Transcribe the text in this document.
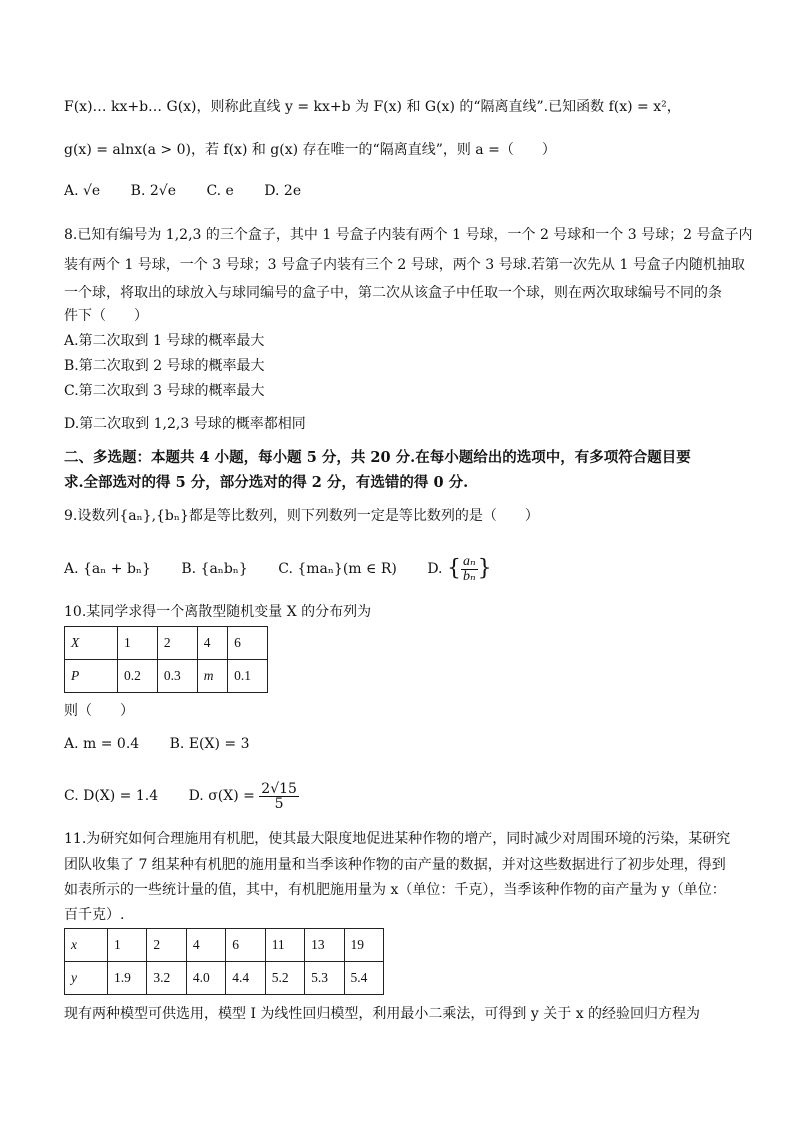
F(x)… kx+b… G(x)，则称此直线 y = kx+b 为 F(x) 和 G(x) 的“隔离直线”.已知函数 f(x) = x²，
g(x) = alnx(a > 0)，若 f(x) 和 g(x) 存在唯一的“隔离直线”，则 a =（　　）
A. √e B. 2√e C. e D. 2e
8.已知有编号为 1,2,3 的三个盒子，其中 1 号盒子内装有两个 1 号球，一个 2 号球和一个 3 号球；2 号盒子内
装有两个 1 号球，一个 3 号球；3 号盒子内装有三个 2 号球，两个 3 号球.若第一次先从 1 号盒子内随机抽取
一个球，将取出的球放入与球同编号的盒子中，第二次从该盒子中任取一个球，则在两次取球编号不同的条
件下（　　）
A.第二次取到 1 号球的概率最大
B.第二次取到 2 号球的概率最大
C.第二次取到 3 号球的概率最大
D.第二次取到 1,2,3 号球的概率都相同
二、多选题：本题共 4 小题，每小题 5 分，共 20 分.在每小题给出的选项中，有多项符合题目要
求.全部选对的得 5 分，部分选对的得 2 分，有选错的得 0 分.
9.设数列{aₙ},{bₙ}都是等比数列，则下列数列一定是等比数列的是（　　）
A. {aₙ + bₙ} B. {aₙbₙ} C. {maₙ}(m ∈ R) D. { $\frac{\text{aₙ}}{\text{bₙ}}$ }
10.某同学求得一个离散型随机变量 X 的分布列为
X	1	2	4	6
P	0.2	0.3	m	0.1
则（　　）
A. m = 0.4 B. E(X) = 3
C. D(X) = 1.4 D. $\sigma(X) = \frac{2√15}{5}$
11.为研究如何合理施用有机肥，使其最大限度地促进某种作物的增产，同时减少对周围环境的污染，某研究
团队收集了 7 组某种有机肥的施用量和当季该种作物的亩产量的数据，并对这些数据进行了初步处理，得到
如表所示的一些统计量的值，其中，有机肥施用量为 x（单位：千克），当季该种作物的亩产量为 y（单位：
百千克）.
x	1	2	4	6	11	13	19
y	1.9	3.2	4.0	4.4	5.2	5.3	5.4
现有两种模型可供选用，模型 I 为线性回归模型，利用最小二乘法，可得到 y 关于 x 的经验回归方程为
